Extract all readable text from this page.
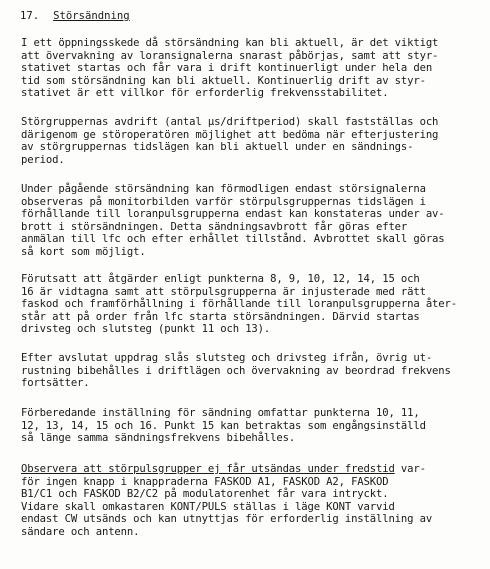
17. Störsändning
I ett öppningsskede då störsändning kan bli aktuell, är det viktigt
att övervakning av loransignalerna snarast påbörjas, samt att styr-
stativet startas och får vara i drift kontinuerligt under hela den
tid som störsändning kan bli aktuell. Kontinuerlig drift av styr-
stativet är ett villkor för erforderlig frekvensstabilitet.
Störgruppernas avdrift (antal µs/driftperiod) skall fastställas och
därigenom ge störoperatören möjlighet att bedöma när efterjustering
av störgruppernas tidslägen kan bli aktuell under en sändnings-
period.
Under pågående störsändning kan förmodligen endast störsignalerna
observeras på monitorbilden varför störpulsgruppernas tidslägen i
förhållande till loranpulsgrupperna endast kan konstateras under av-
brott i störsändningen. Detta sändningsavbrott får göras efter
anmälan till lfc och efter erhållet tillstånd. Avbrottet skall göras
så kort som möjligt.
Förutsatt att åtgärder enligt punkterna 8, 9, 10, 12, 14, 15 och
16 är vidtagna samt att störpulsgrupperna är injusterade med rätt
faskod och framförhållning i förhållande till loranpulsgrupperna åter-
står att på order från lfc starta störsändningen. Därvid startas
drivsteg och slutsteg (punkt 11 och 13).
Efter avslutat uppdrag slås slutsteg och drivsteg ifrån, övrig ut-
rustning bibehålles i driftlägen och övervakning av beordrad frekvens
fortsätter.
Förberedande inställning för sändning omfattar punkterna 10, 11,
12, 13, 14, 15 och 16. Punkt 15 kan betraktas som engångsinställd
så länge samma sändningsfrekvens bibehålles.
Observera att störpulsgrupper ej får utsändas under fredstid var-
för ingen knapp i knappraderna FASKOD A1, FASKOD A2, FASKOD
B1/C1 och FASKOD B2/C2 på modulatorenhet får vara intryckt.
Vidare skall omkastaren KONT/PULS ställas i läge KONT varvid
endast CW utsänds och kan utnyttjas för erforderlig inställning av
sändare och antenn.
